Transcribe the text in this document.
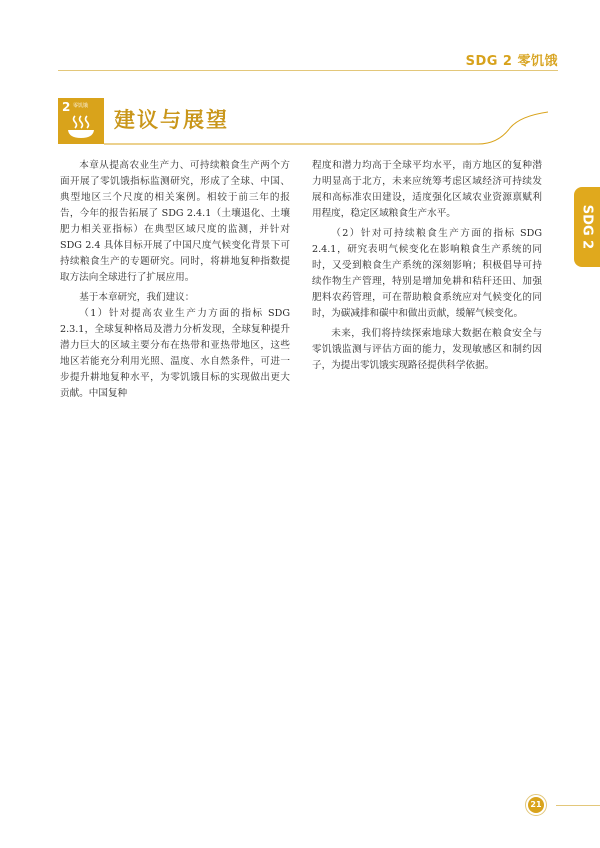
SDG 2 零饥饿
2 零饥饿
建议与展望

本章从提高农业生产力、可持续粮食生产两个方面开展了零饥饿指标监测研究，形成了全球、中国、典型地区三个尺度的相关案例。相较于前三年的报告，今年的报告拓展了 SDG 2.4.1（土壤退化、土壤肥力相关亚指标）在典型区域尺度的监测，并针对 SDG 2.4 具体目标开展了中国尺度气候变化背景下可持续粮食生产的专题研究。同时，将耕地复种指数提取方法向全球进行了扩展应用。

基于本章研究，我们建议：

（1）针对提高农业生产力方面的指标 SDG 2.3.1，全球复种格局及潜力分析发现，全球复种提升潜力巨大的区域主要分布在热带和亚热带地区，这些地区若能充分利用光照、温度、水自然条件，可进一步提升耕地复种水平，为零饥饿目标的实现做出更大贡献。中国复种

程度和潜力均高于全球平均水平，南方地区的复种潜力明显高于北方，未来应统筹考虑区域经济可持续发展和高标准农田建设，适度强化区域农业资源禀赋利用程度，稳定区域粮食生产水平。

（2）针对可持续粮食生产方面的指标 SDG 2.4.1，研究表明气候变化在影响粮食生产系统的同时，又受到粮食生产系统的深刻影响；积极倡导可持续作物生产管理，特别是增加免耕和秸秆还田、加强肥料农药管理，可在帮助粮食系统应对气候变化的同时，为碳减排和碳中和做出贡献，缓解气候变化。

未来，我们将持续探索地球大数据在粮食安全与零饥饿监测与评估方面的能力，发现敏感区和制约因子，为提出零饥饿实现路径提供科学依据。

SDG 2
21
